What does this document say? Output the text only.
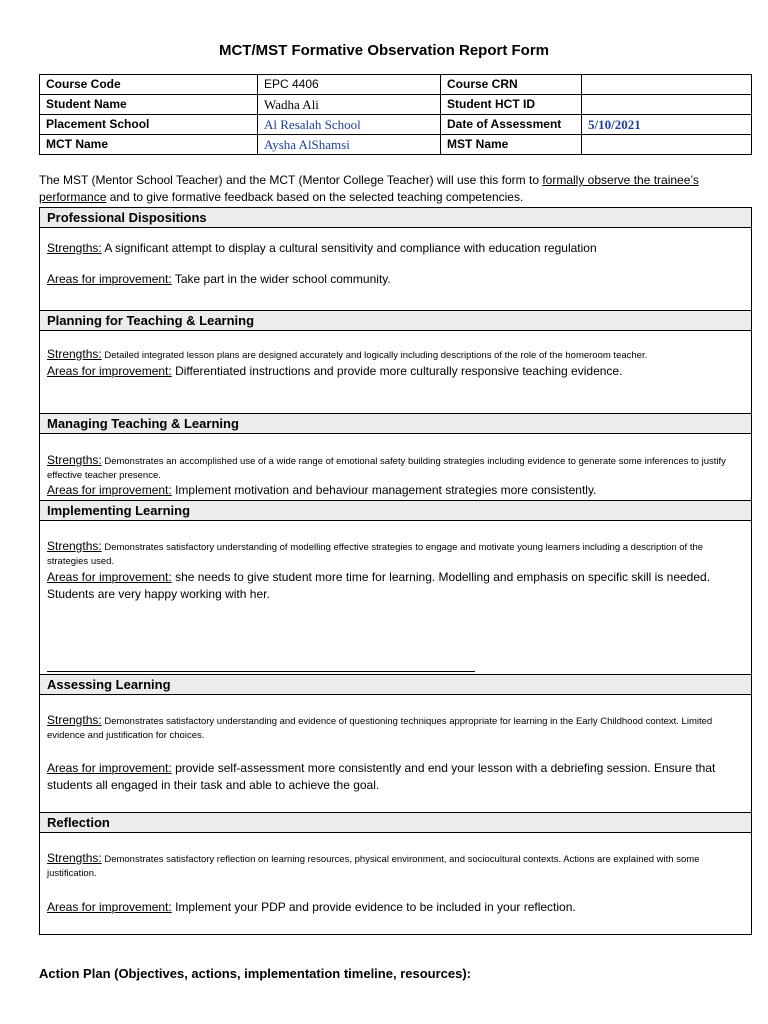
MCT/MST Formative Observation Report Form
Course Code	EPC 4406	Course CRN	
Student Name	Wadha Ali	Student HCT ID	
Placement School	Al Resalah School	Date of Assessment	5/10/2021
MCT Name	Aysha AlShamsi	MST Name	
The MST (Mentor School Teacher) and the MCT (Mentor College Teacher) will use this form to formally observe the trainee’s performance and to give formative feedback based on the selected teaching competencies.
Professional Dispositions
Strengths: A significant attempt to display a cultural sensitivity and compliance with education regulation
Areas for improvement: Take part in the wider school community.
Planning for Teaching & Learning
Strengths: Detailed integrated lesson plans are designed accurately and logically including descriptions of the role of the homeroom teacher.
Areas for improvement: Differentiated instructions and provide more culturally responsive teaching evidence.
Managing Teaching & Learning
Strengths: Demonstrates an accomplished use of a wide range of emotional safety building strategies including evidence to generate some inferences to justify effective teacher presence.
Areas for improvement: Implement motivation and behaviour management strategies more consistently.
Implementing Learning
Strengths: Demonstrates satisfactory understanding of modelling effective strategies to engage and motivate young learners including a description of the strategies used.
Areas for improvement: she needs to give student more time for learning. Modelling and emphasis on specific skill is needed. Students are very happy working with her.
Assessing Learning
Strengths: Demonstrates satisfactory understanding and evidence of questioning techniques appropriate for learning in the Early Childhood context. Limited evidence and justification for choices.
Areas for improvement: provide self-assessment more consistently and end your lesson with a debriefing session. Ensure that students all engaged in their task and able to achieve the goal.
Reflection
Strengths: Demonstrates satisfactory reflection on learning resources, physical environment, and sociocultural contexts. Actions are explained with some justification.
Areas for improvement: Implement your PDP and provide evidence to be included in your reflection.
Action Plan (Objectives, actions, implementation timeline, resources):
